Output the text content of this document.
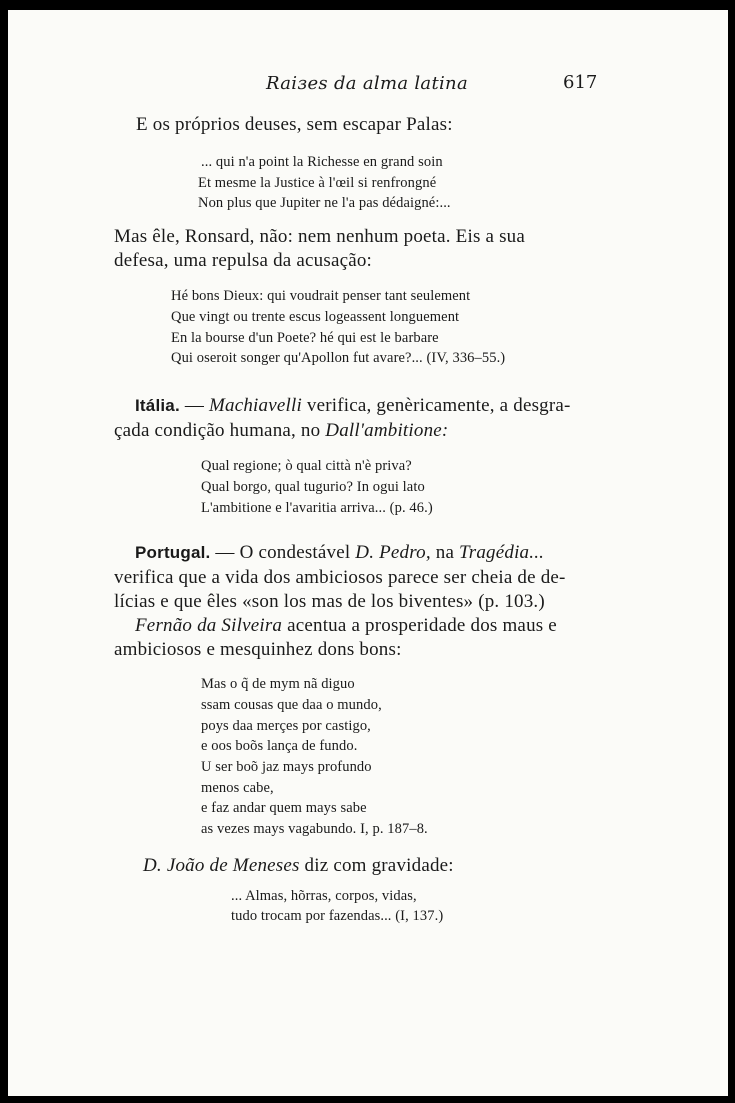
Raiзes da alma latina	617
E os próprios deuses, sem escapar Palas:
... qui n'a point la Richesse en grand soin
Et mesme la Justice à l'œil si renfrongné
Non plus que Jupiter ne l'a pas dédaigné:...
Mas êle, Ronsard, não: nem nenhum poeta. Eis a sua
defesa, uma repulsa da acusação:
Hé bons Dieux: qui voudrait penser tant seulement
Que vingt ou trente escus logeassent longuement
En la bourse d'un Poete? hé qui est le barbare
Qui oseroit songer qu'Apollon fut avare?... (IV, 336–55.)
Itália. — Machiavelli verifica, genèricamente, a desgra-
çada condição humana, no Dall'ambitione:
Qual regione; ò qual città n'è priva?
Qual borgo, qual tugurio? In ogui lato
L'ambitione e l'avaritia arriva... (p. 46.)
Portugal. — O condestável D. Pedro, na Tragédia...
verifica que a vida dos ambiciosos parece ser cheia de de-
lícias e que êles «son los mas de los biventes» (p. 103.)
Fernão da Silveira acentua a prosperidade dos maus e
ambiciosos e mesquinhez dons bons:
Mas o q̃ de mym nã diguo
ssam cousas que daa o mundo,
poys daa merçes por castigo,
e oos boõs lança de fundo.
U ser boõ jaz mays profundo
menos cabe,
e faz andar quem mays sabe
as vezes mays vagabundo. I, p. 187–8.
D. João de Meneses diz com gravidade:
... Almas, hõrras, corpos, vidas,
tudo trocam por fazendas... (I, 137.)
